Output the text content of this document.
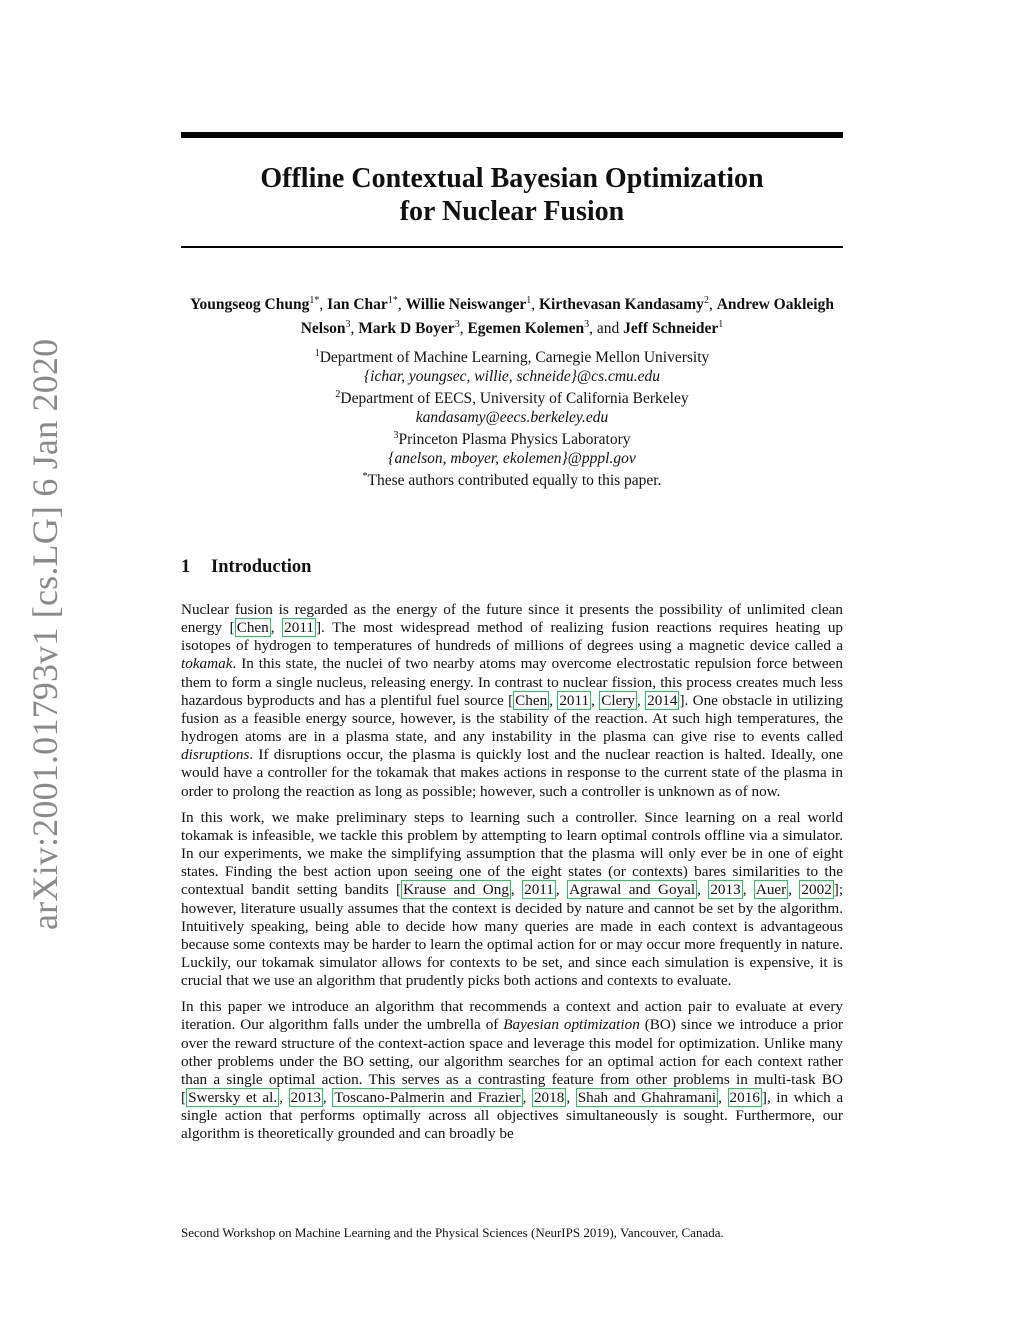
arXiv:2001.01793v1 [cs.LG] 6 Jan 2020
Offline Contextual Bayesian Optimization
for Nuclear Fusion
Youngseog Chung$^{1*}$, Ian Char$^{1*}$, Willie Neiswanger$^1$, Kirthevasan Kandasamy$^2$, Andrew Oakleigh Nelson$^3$, Mark D Boyer$^3$, Egemen Kolemen$^3$, and Jeff Schneider$^1$
$^1$Department of Machine Learning, Carnegie Mellon University
{ichar, youngsec, willie, schneide}@cs.cmu.edu
$^2$Department of EECS, University of California Berkeley
kandasamy@eecs.berkeley.edu
$^3$Princeton Plasma Physics Laboratory
{anelson, mboyer, ekolemen}@pppl.gov
*These authors contributed equally to this paper.
1 Introduction

Nuclear fusion is regarded as the energy of the future since it presents the possibility of unlimited clean energy [ Chen , 2011 ]. The most widespread method of realizing fusion reactions requires heating up isotopes of hydrogen to temperatures of hundreds of millions of degrees using a magnetic device called a tokamak. In this state, the nuclei of two nearby atoms may overcome electrostatic repulsion force between them to form a single nucleus, releasing energy. In contrast to nuclear fission, this process creates much less hazardous byproducts and has a plentiful fuel source [ Chen , 2011 , Clery , 2014 ]. One obstacle in utilizing fusion as a feasible energy source, however, is the stability of the reaction. At such high temperatures, the hydrogen atoms are in a plasma state, and any instability in the plasma can give rise to events called disruptions. If disruptions occur, the plasma is quickly lost and the nuclear reaction is halted. Ideally, one would have a controller for the tokamak that makes actions in response to the current state of the plasma in order to prolong the reaction as long as possible; however, such a controller is unknown as of now.

In this work, we make preliminary steps to learning such a controller. Since learning on a real world tokamak is infeasible, we tackle this problem by attempting to learn optimal controls offline via a simulator. In our experiments, we make the simplifying assumption that the plasma will only ever be in one of eight states. Finding the best action upon seeing one of the eight states (or contexts) bares similarities to the contextual bandit setting bandits [ Krause and Ong , 2011 , Agrawal and Goyal , 2013 , Auer , 2002 ]; however, literature usually assumes that the context is decided by nature and cannot be set by the algorithm. Intuitively speaking, being able to decide how many queries are made in each context is advantageous because some contexts may be harder to learn the optimal action for or may occur more frequently in nature. Luckily, our tokamak simulator allows for contexts to be set, and since each simulation is expensive, it is crucial that we use an algorithm that prudently picks both actions and contexts to evaluate.

In this paper we introduce an algorithm that recommends a context and action pair to evaluate at every iteration. Our algorithm falls under the umbrella of Bayesian optimization (BO) since we introduce a prior over the reward structure of the context-action space and leverage this model for optimization. Unlike many other problems under the BO setting, our algorithm searches for an optimal action for each context rather than a single optimal action. This serves as a contrasting feature from other problems in multi-task BO [ Swersky et al. , 2013 , Toscano-Palmerin and Frazier , 2018 , Shah and Ghahramani , 2016 ], in which a single action that performs optimally across all objectives simultaneously is sought. Furthermore, our algorithm is theoretically grounded and can broadly be

Second Workshop on Machine Learning and the Physical Sciences (NeurIPS 2019), Vancouver, Canada.
